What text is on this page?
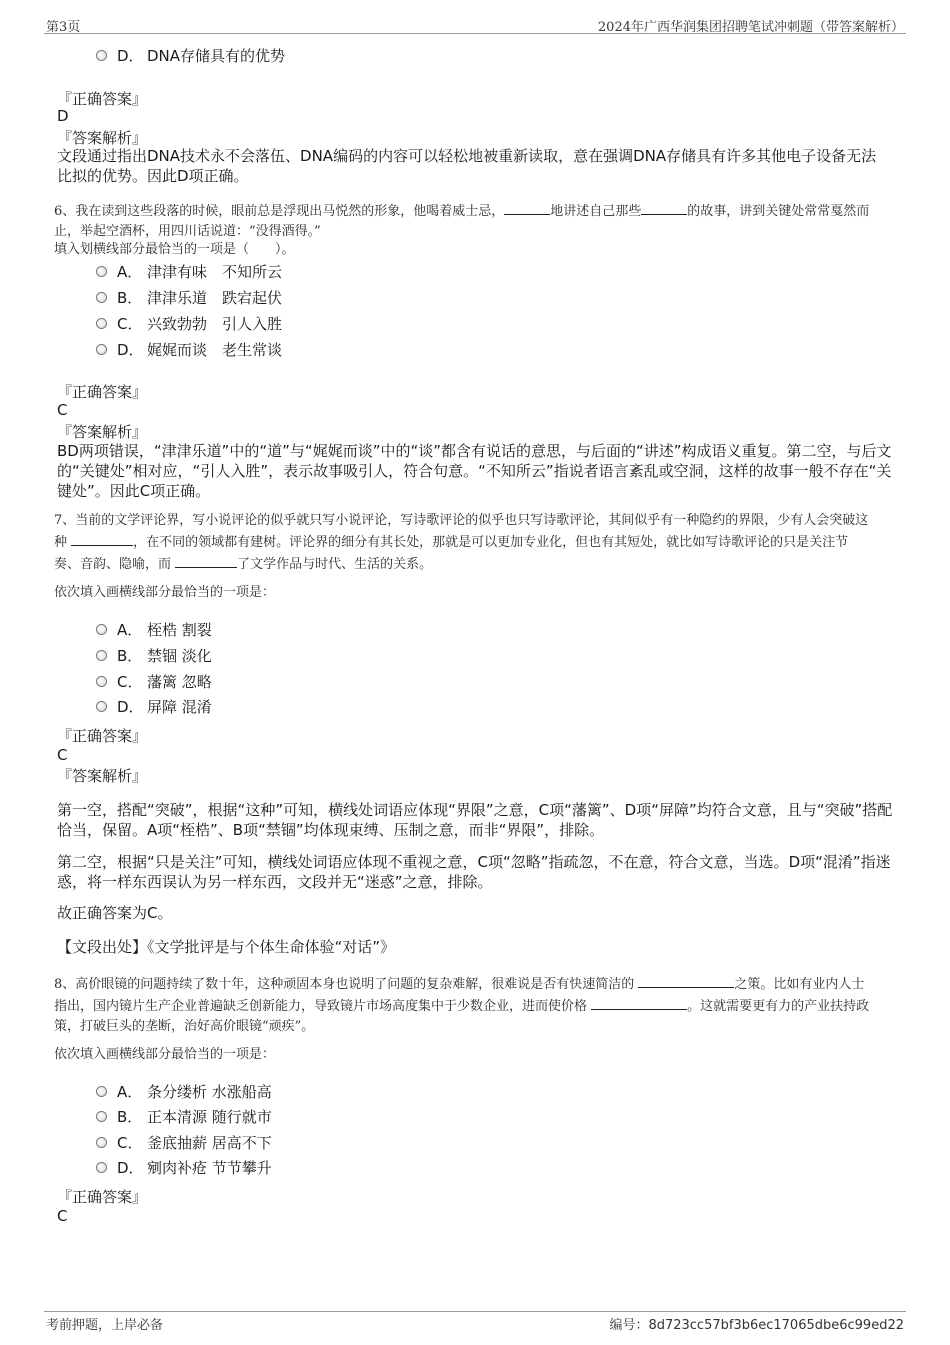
第3页	2024年广西华润集团招聘笔试冲刺题（带答案解析）
D． DNA存储具有的优势
『正确答案』
D
『答案解析』
文段通过指出DNA技术永不会落伍、DNA编码的内容可以轻松地被重新读取，意在强调DNA存储具有许多其他电子设备无法
比拟的优势。因此D项正确。
6、我在读到这些段落的时候，眼前总是浮现出马悦然的形象，他喝着威士忌，	地讲述自己那些	的故事，讲到关键处常常戛然而
止，举起空酒杯，用四川话说道：“没得酒得。”
填入划横线部分最恰当的一项是（　　）。
A． 津津有味　不知所云
B． 津津乐道　跌宕起伏
C． 兴致勃勃　引人入胜
D． 娓娓而谈　老生常谈
『正确答案』
C
『答案解析』
BD两项错误，“津津乐道”中的“道”与“娓娓而谈”中的“谈”都含有说话的意思，与后面的“讲述”构成语义重复。第二空，与后文
的“关键处”相对应，“引人入胜”，表示故事吸引人，符合句意。“不知所云”指说者语言紊乱或空洞，这样的故事一般不存在“关
键处”。因此C项正确。
7、当前的文学评论界，写小说评论的似乎就只写小说评论，写诗歌评论的似乎也只写诗歌评论，其间似乎有一种隐约的界限，少有人会突破这
种	，在不同的领域都有建树。评论界的细分有其长处，那就是可以更加专业化，但也有其短处，就比如写诗歌评论的只是关注节
奏、音韵、隐喻，而	了文学作品与时代、生活的关系。
依次填入画横线部分最恰当的一项是：
A． 桎梏 割裂
B． 禁锢 淡化
C． 藩篱 忽略
D． 屏障 混淆
『正确答案』
C
『答案解析』
第一空，搭配“突破”，根据“这种”可知，横线处词语应体现“界限”之意，C项“藩篱”、D项“屏障”均符合文意，且与“突破”搭配
恰当，保留。A项“桎梏”、B项“禁锢”均体现束缚、压制之意，而非“界限”，排除。
第二空，根据“只是关注”可知，横线处词语应体现不重视之意，C项“忽略”指疏忽，不在意，符合文意，当选。D项“混淆”指迷
惑，将一样东西误认为另一样东西，文段并无“迷惑”之意，排除。
故正确答案为C。
【文段出处】《文学批评是与个体生命体验“对话”》
8、高价眼镜的问题持续了数十年，这种顽固本身也说明了问题的复杂难解，很难说是否有快速简洁的	之策。比如有业内人士
指出，国内镜片生产企业普遍缺乏创新能力，导致镜片市场高度集中于少数企业，进而使价格	。这就需要更有力的产业扶持政
策，打破巨头的垄断，治好高价眼镜“顽疾”。
依次填入画横线部分最恰当的一项是：
A． 条分缕析 水涨船高
B． 正本清源 随行就市
C． 釜底抽薪 居高不下
D． 剜肉补疮 节节攀升
『正确答案』
C
考前押题，上岸必备	编号：8d723cc57bf3b6ec17065dbe6c99ed22
